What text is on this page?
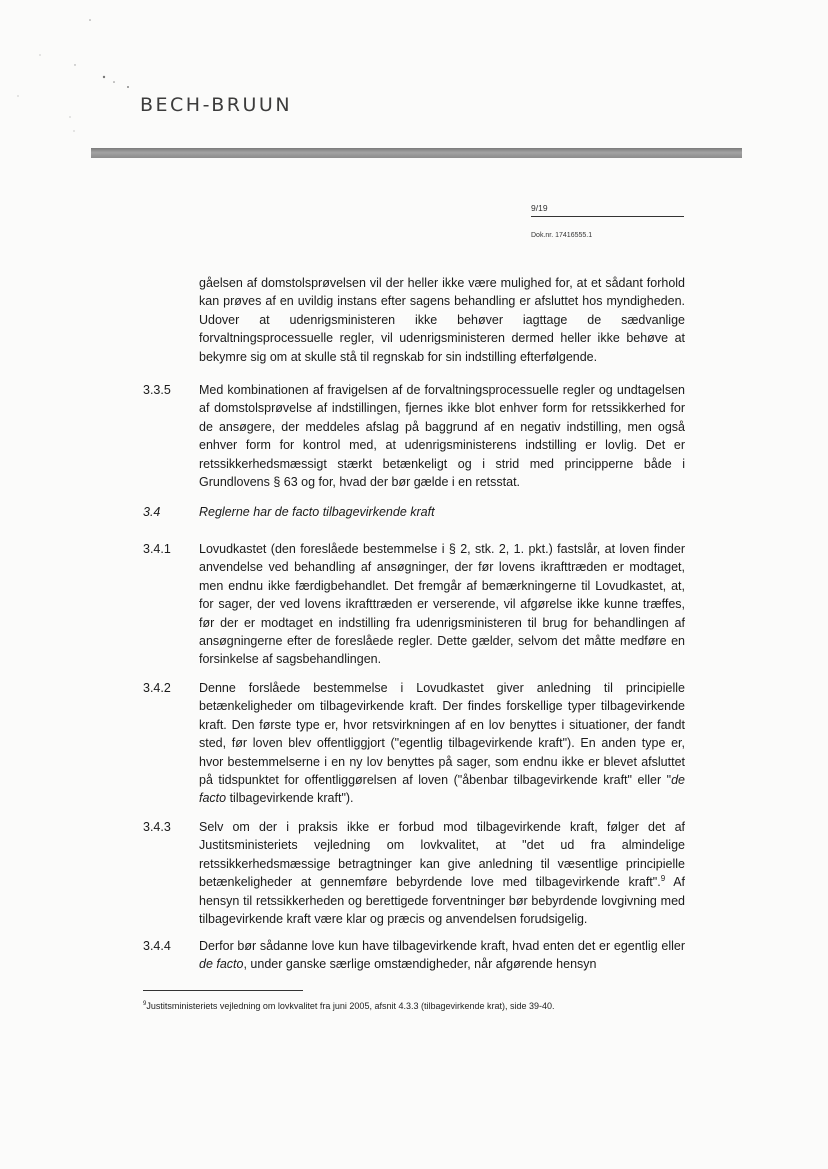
BECH-BRUUN
9/19
Dok.nr. 17416555.1
gåelsen af domstolsprøvelsen vil der heller ikke være mulighed for, at et sådant forhold kan prøves af en uvildig instans efter sagens behandling er afsluttet hos myndigheden. Udover at udenrigsministeren ikke behøver iagttage de sædvanlige forvaltningsprocessuelle regler, vil udenrigsministeren dermed heller ikke behøve at bekymre sig om at skulle stå til regnskab for sin indstilling efterfølgende.
3.3.5 Med kombinationen af fravigelsen af de forvaltningsprocessuelle regler og undtagelsen af domstolsprøvelse af indstillingen, fjernes ikke blot enhver form for retssikkerhed for de ansøgere, der meddeles afslag på baggrund af en negativ indstilling, men også enhver form for kontrol med, at udenrigsministerens indstilling er lovlig. Det er retssikkerhedsmæssigt stærkt betænkeligt og i strid med principperne både i Grundlovens § 63 og for, hvad der bør gælde i en retsstat.
3.4	Reglerne har de facto tilbagevirkende kraft
3.4.1 Lovudkastet (den foreslåede bestemmelse i § 2, stk. 2, 1. pkt.) fastslår, at loven finder anvendelse ved behandling af ansøgninger, der før lovens ikrafttræden er modtaget, men endnu ikke færdigbehandlet. Det fremgår af bemærkningerne til Lovudkastet, at, for sager, der ved lovens ikrafttræden er verserende, vil afgørelse ikke kunne træffes, før der er modtaget en indstilling fra udenrigsministeren til brug for behandlingen af ansøgningerne efter de foreslåede regler. Dette gælder, selvom det måtte medføre en forsinkelse af sagsbehandlingen.
3.4.2 Denne forslåede bestemmelse i Lovudkastet giver anledning til principielle betænkeligheder om tilbagevirkende kraft. Der findes forskellige typer tilbagevirkende kraft. Den første type er, hvor retsvirkningen af en lov benyttes i situationer, der fandt sted, før loven blev offentliggjort ("egentlig tilbagevirkende kraft"). En anden type er, hvor bestemmelserne i en ny lov benyttes på sager, som endnu ikke er blevet afsluttet på tidspunktet for offentliggørelsen af loven ("åbenbar tilbagevirkende kraft" eller "de facto tilbagevirkende kraft").
3.4.3 Selv om der i praksis ikke er forbud mod tilbagevirkende kraft, følger det af Justitsministeriets vejledning om lovkvalitet, at "det ud fra almindelige retssikkerhedsmæssige betragtninger kan give anledning til væsentlige principielle betænkeligheder at gennemføre bebyrdende love med tilbagevirkende kraft".$^9$ Af hensyn til retssikkerheden og berettigede forventninger bør bebyrdende lovgivning med tilbagevirkende kraft være klar og præcis og anvendelsen forudsigelig.
3.4.4 Derfor bør sådanne love kun have tilbagevirkende kraft, hvad enten det er egentlig eller de facto, under ganske særlige omstændigheder, når afgørende hensyn
$^9$Justitsministeriets vejledning om lovkvalitet fra juni 2005, afsnit 4.3.3 (tilbagevirkende krat), side 39-40.
